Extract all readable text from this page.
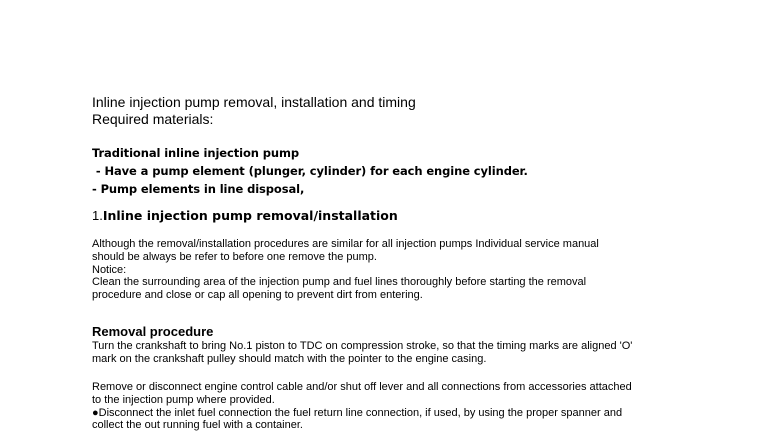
Inline injection pump removal, installation and timing
Required materials:
Traditional inline injection pump
- Have a pump element (plunger, cylinder) for each engine cylinder.
- Pump elements in line disposal,
1.Inline injection pump removal/installation
Although the removal/installation procedures are similar for all injection pumps Individual service manual
should be always be refer to before one remove the pump.
Notice:
Clean the surrounding area of the injection pump and fuel lines thoroughly before starting the removal
procedure and close or cap all opening to prevent dirt from entering.
Removal procedure
Turn the crankshaft to bring No.1 piston to TDC on compression stroke, so that the timing marks are aligned 'O'
mark on the crankshaft pulley should match with the pointer to the engine casing.
Remove or disconnect engine control cable and/or shut off lever and all connections from accessories attached
to the injection pump where provided.
●Disconnect the inlet fuel connection the fuel return line connection, if used, by using the proper spanner and
collect the out running fuel with a container.
